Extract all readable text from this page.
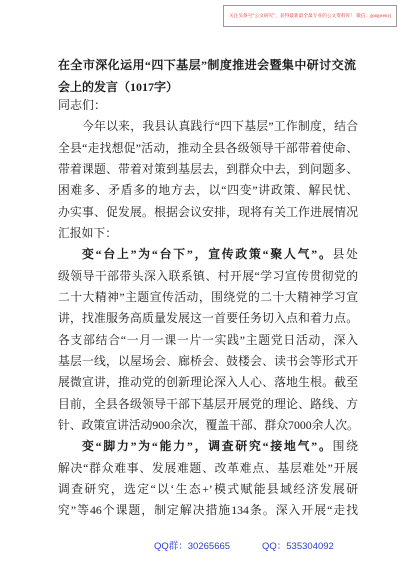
关注头条号“公文研究”，获得最新最全最专业的公文资料库！ 微信：gongwenyj
在全市深化运用“四下基层”制度推进会暨集中研讨交流
会上的发言（1017字）
同志们：
今年以来，我县认真践行“四下基层”工作制度，结合
全县“走找想促”活动，推动全县各级领导干部带着使命、
带着课题、带着对策到基层去，到群众中去，到问题多、
困难多、矛盾多的地方去，以“四变”讲政策、解民忧、
办实事、促发展。根据会议安排，现将有关工作进展情况
汇报如下：
变“台上”为“台下”，宣传政策“聚人气”。县处
级领导干部带头深入联系镇、村开展“学习宣传贯彻党的
二十大精神”主题宣传活动，围绕党的二十大精神学习宣
讲，找准服务高质量发展这一首要任务切入点和着力点。
各支部结合“一月一课一片一实践”主题党日活动，深入
基层一线，以屋场会、廊桥会、鼓楼会、读书会等形式开
展微宣讲，推动党的创新理论深入人心、落地生根。截至
目前，全县各级领导干部下基层开展党的理论、路线、方
针、政策宣讲活动900余次，覆盖干部、群众7000余人次。
变“脚力”为“能力”，调查研究“接地气”。围绕
解决“群众难事、发展难题、改革难点、基层难处”开展
调查研究，选定“以‘生态+’模式赋能县域经济发展研
究”等46个课题，制定解决措施134条。深入开展“走找
QQ群：30265665	QQ：535304092
